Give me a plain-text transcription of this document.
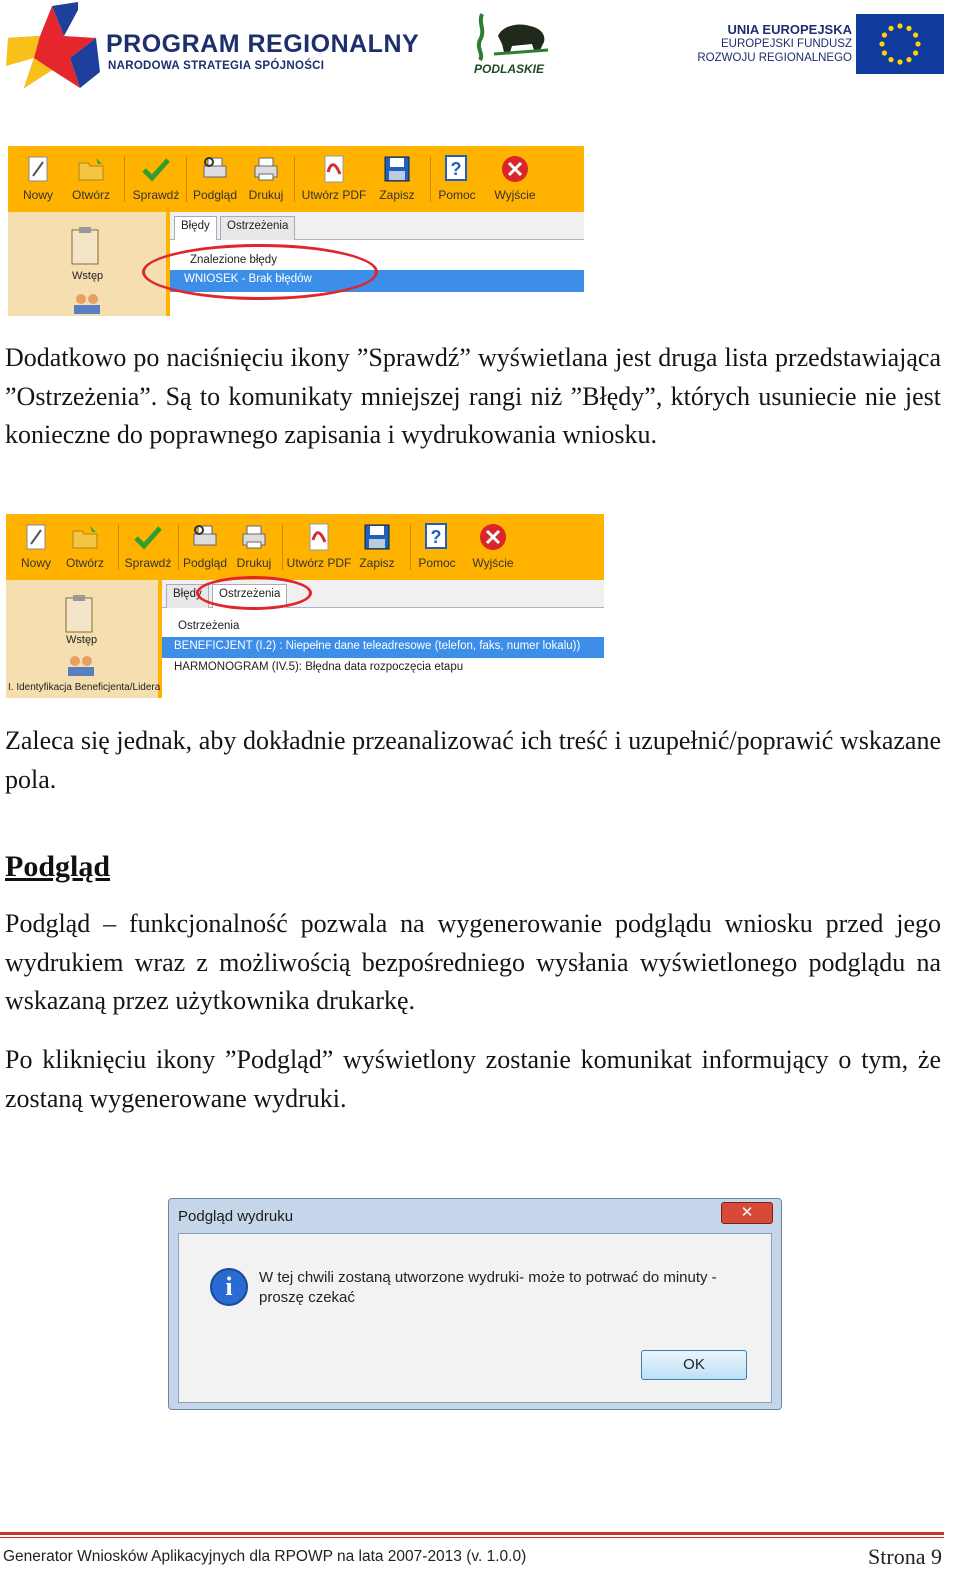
PROGRAM REGIONALNY
NARODOWA STRATEGIA SPÓJNOŚCI	PODLASKIE
UNIA EUROPEJSKA
EUROPEJSKI FUNDUSZ
ROZWOJU REGIONALNEGO
Nowy	Otwórz	Sprawdź	Podgląd Drukuj	Utwórz PDF	Zapisz
?
Pomoc	Wyjście
Wstęp
Błędy	Ostrzeżenia
Znalezione błędy
WNIOSEK - Brak błędów

Dodatkowo po naciśnięciu ikony ”Sprawdź” wyświetlana jest druga lista przedstawiająca ”Ostrzeżenia”. Są to komunikaty mniejszej rangi niż ”Błędy”, których usuniecie nie jest konieczne do poprawnego zapisania i wydrukowania wniosku.

Nowy	Otwórz	Sprawdź Podgląd Drukuj	Utwórz PDF Zapisz
?
Pomoc	Wyjście
Wstęp
I. Identyfikacja Beneficjenta/Lidera
Błędy	Ostrzeżenia
Ostrzeżenia
BENEFICJENT (I.2) : Niepełne dane teleadresowe (telefon, faks, numer lokalu))
HARMONOGRAM (IV.5): Błędna data rozpoczęcia etapu

Zaleca się jednak, aby dokładnie przeanalizować ich treść i uzupełnić/poprawić wskazane pola.

Podgląd

Podgląd – funkcjonalność pozwala na wygenerowanie podglądu wniosku przed jego wydrukiem wraz z możliwością bezpośredniego wysłania wyświetlonego podglądu na wskazaną przez użytkownika drukarkę.

Po kliknięciu ikony ”Podgląd” wyświetlony zostanie komunikat informujący o tym, że zostaną wygenerowane wydruki.

Podgląd wydruku	✕
i	W tej chwili zostaną utworzone wydruki- może to potrwać do minuty - proszę czekać
OK
Generator Wniosków Aplikacyjnych dla RPOWP na lata 2007-2013 (v. 1.0.0)	Strona 9
